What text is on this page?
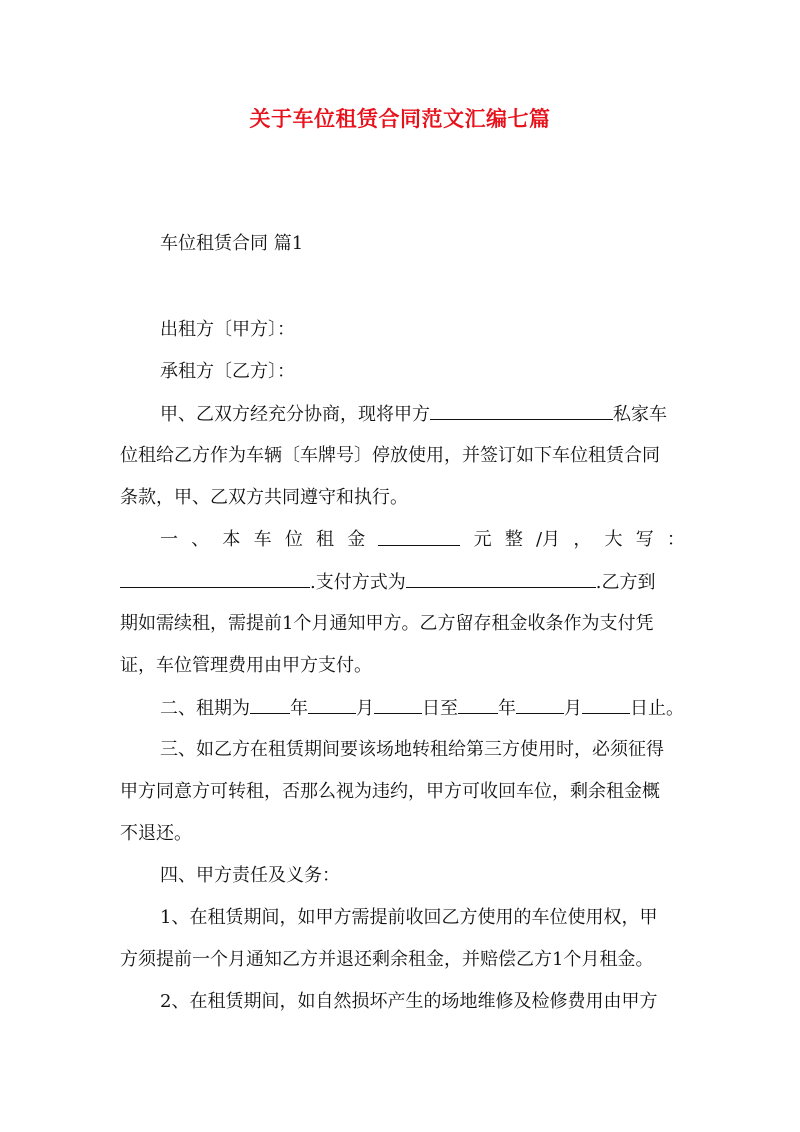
关于车位租赁合同范文汇编七篇
车位租赁合同 篇1
出租方〔甲方〕：
承租方〔乙方〕：
甲、乙双方经充分协商，现将甲方	私家车
位租给乙方作为车辆〔车牌号〕停放使用，并签订如下车位租赁合同
条款，甲、乙双方共同遵守和执行。
一 、 本 车 位 租 金	元 整 /月 ， 大 写 ：
.支付方式为	.乙方到
期如需续租，需提前1个月通知甲方。乙方留存租金收条作为支付凭
证，车位管理费用由甲方支付。
二、租期为 年	月	日至 年	月	日止。
三、如乙方在租赁期间要该场地转租给第三方使用时，必须征得
甲方同意方可转租，否那么视为违约，甲方可收回车位，剩余租金概
不退还。
四、甲方责任及义务：
1、在租赁期间，如甲方需提前收回乙方使用的车位使用权，甲
方须提前一个月通知乙方并退还剩余租金，并赔偿乙方1个月租金。
2、在租赁期间，如自然损坏产生的场地维修及检修费用由甲方
